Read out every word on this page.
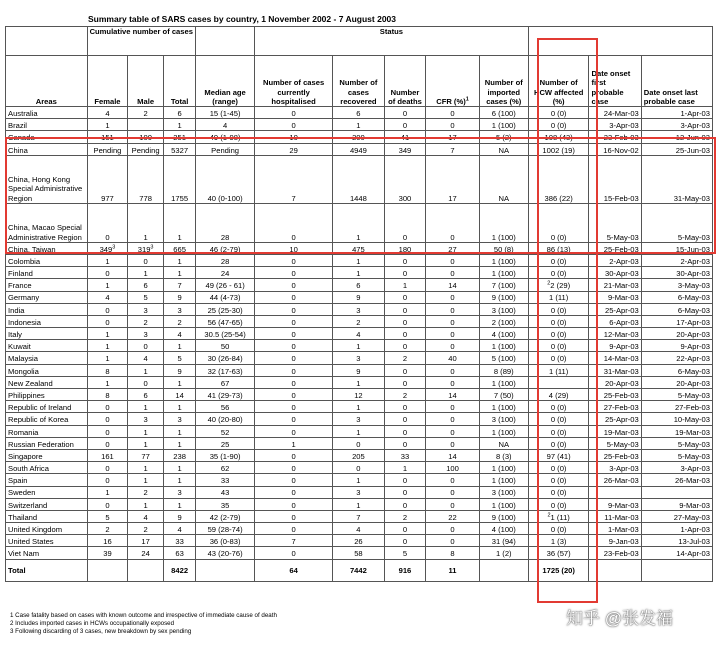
Summary table of SARS cases by country, 1 November 2002 - 7 August 2003
	Cumulative number of cases				Status							
Areas	Female	Male	Total	Median age (range)	Number of cases currently hospitalised	Number of cases recovered	Number of deaths	CFR (%)$^1$	Number of imported cases (%)	Number of HCW affected (%)	Date onset first probable case	Date onset last probable case
Australia	4	2	6	15 (1-45)	0	6	0	0	6 (100)	0 (0)	24-Mar-03	1-Apr-03
Brazil	1		1	4	0	1	0	0	1 (100)	0 (0)	3-Apr-03	3-Apr-03
Canada	151	100	251	49 (1-98)	10	200	41	17	5 (2)	108 (43)	23-Feb-03	12-Jun-03
China	Pending	Pending	5327	Pending	29	4949	349	7	NA	1002 (19)	16-Nov-02	25-Jun-03
China, Hong Kong Special Administrative Region	977	778	1755	40 (0-100)	7	1448	300	17	NA	386 (22)	15-Feb-03	31-May-03
China, Macao Special Administrative Region	0	1	1	28	0	1	0	0	1 (100)	0 (0)	5-May-03	5-May-03
China, Taiwan	$349^3$	$319^3$	665	46 (2-79)	10	475	180	27	50 (8)	86 (13)	25-Feb-03	15-Jun-03
Colombia	1	0	1	28	0	1	0	0	1 (100)	0 (0)	2-Apr-03	2-Apr-03
Finland	0	1	1	24	0	1	0	0	1 (100)	0 (0)	30-Apr-03	30-Apr-03
France	1	6	7	49 (26 - 61)	0	6	1	14	7 (100)	$^2$2 (29)	21-Mar-03	3-May-03
Germany	4	5	9	44 (4-73)	0	9	0	0	9 (100)	1 (11)	9-Mar-03	6-May-03
India	0	3	3	25 (25-30)	0	3	0	0	3 (100)	0 (0)	25-Apr-03	6-May-03
Indonesia	0	2	2	56 (47-65)	0	2	0	0	2 (100)	0 (0)	6-Apr-03	17-Apr-03
Italy	1	3	4	30.5 (25-54)	0	4	0	0	4 (100)	0 (0)	12-Mar-03	20-Apr-03
Kuwait	1	0	1	50	0	1	0	0	1 (100)	0 (0)	9-Apr-03	9-Apr-03
Malaysia	1	4	5	30 (26-84)	0	3	2	40	5 (100)	0 (0)	14-Mar-03	22-Apr-03
Mongolia	8	1	9	32 (17-63)	0	9	0	0	8 (89)	1 (11)	31-Mar-03	6-May-03
New Zealand	1	0	1	67	0	1	0	0	1 (100)		20-Apr-03	20-Apr-03
Philippines	8	6	14	41 (29-73)	0	12	2	14	7 (50)	4 (29)	25-Feb-03	5-May-03
Republic of Ireland	0	1	1	56	0	1	0	0	1 (100)	0 (0)	27-Feb-03	27-Feb-03
Republic of Korea	0	3	3	40 (20-80)	0	3	0	0	3 (100)	0 (0)	25-Apr-03	10-May-03
Romania	0	1	1	52	0	1	0	0	1 (100)	0 (0)	19-Mar-03	19-Mar-03
Russian Federation	0	1	1	25	1	0	0	0	NA	0 (0)	5-May-03	5-May-03
Singapore	161	77	238	35 (1-90)	0	205	33	14	8 (3)	97 (41)	25-Feb-03	5-May-03
South Africa	0	1	1	62	0	0	1	100	1 (100)	0 (0)	3-Apr-03	3-Apr-03
Spain	0	1	1	33	0	1	0	0	1 (100)	0 (0)	26-Mar-03	26-Mar-03
Sweden	1	2	3	43	0	3	0	0	3 (100)	0 (0)		
Switzerland	0	1	1	35	0	1	0	0	1 (100)	0 (0)	9-Mar-03	9-Mar-03
Thailand	5	4	9	42 (2-79)	0	7	2	22	9 (100)	$^2$1 (11)	11-Mar-03	27-May-03
United Kingdom	2	2	4	59 (28-74)	0	4	0	0	4 (100)	0 (0)	1-Mar-03	1-Apr-03
United States	16	17	33	36 (0-83)	7	26	0	0	31 (94)	1 (3)	9-Jan-03	13-Jul-03
Viet Nam	39	24	63	43 (20-76)	0	58	5	8	1 (2)	36 (57)	23-Feb-03	14-Apr-03
Total			8422		64	7442	916	11		1725 (20)		
1 Case fatality based on cases with known outcome and irrespective of immediate cause of death
2 Includes imported cases in HCWs occupationally exposed
3 Following discarding of 3 cases, new breakdown by sex pending
知乎 @张发福
